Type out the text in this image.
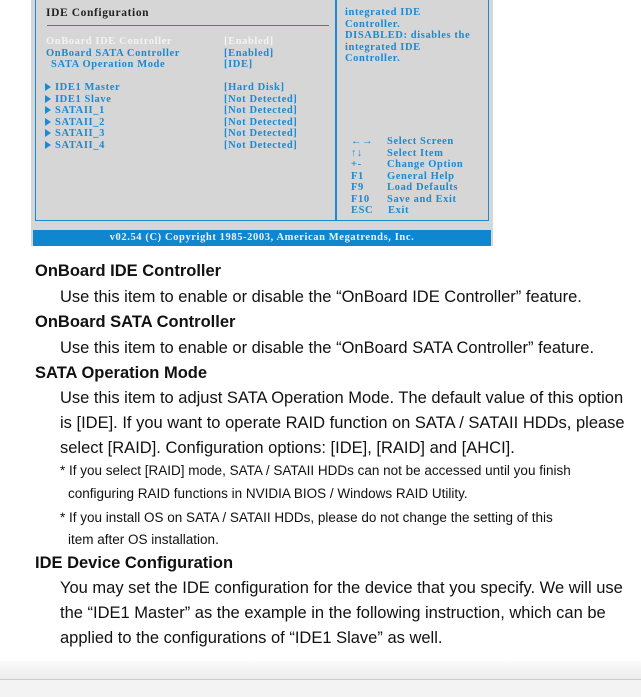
IDE Configuration
OnBoard IDE Controller	[Enabled]
OnBoard SATA Controller	[Enabled]
SATA Operation Mode	[IDE]
IDE1 Master	[Hard Disk]
IDE1 Slave	[Not Detected]
SATAII_1	[Not Detected]
SATAII_2	[Not Detected]
SATAII_3	[Not Detected]
SATAII_4	[Not Detected]
integrated IDE
Controller.
DISABLED: disables the
integrated IDE
Controller.
←→ Select Screen
↑↓ Select Item
+- Change Option
F1 General Help
F9 Load Defaults
F10 Save and Exit
ESC Exit
v02.54 (C) Copyright 1985-2003, American Megatrends, Inc.
OnBoard IDE Controller
Use this item to enable or disable the “OnBoard IDE Controller” feature.
OnBoard SATA Controller
Use this item to enable or disable the “OnBoard SATA Controller” feature.
SATA Operation Mode
Use this item to adjust SATA Operation Mode. The default value of this option
is [IDE]. If you want to operate RAID function on SATA / SATAII HDDs, please
select [RAID]. Configuration options: [IDE], [RAID] and [AHCI].
* If you select [RAID] mode, SATA / SATAII HDDs can not be accessed until you finish
configuring RAID functions in NVIDIA BIOS / Windows RAID Utility.
* If you install OS on SATA / SATAII HDDs, please do not change the setting of this
item after OS installation.
IDE Device Configuration
You may set the IDE configuration for the device that you specify. We will use
the “IDE1 Master” as the example in the following instruction, which can be
applied to the configurations of “IDE1 Slave” as well.
